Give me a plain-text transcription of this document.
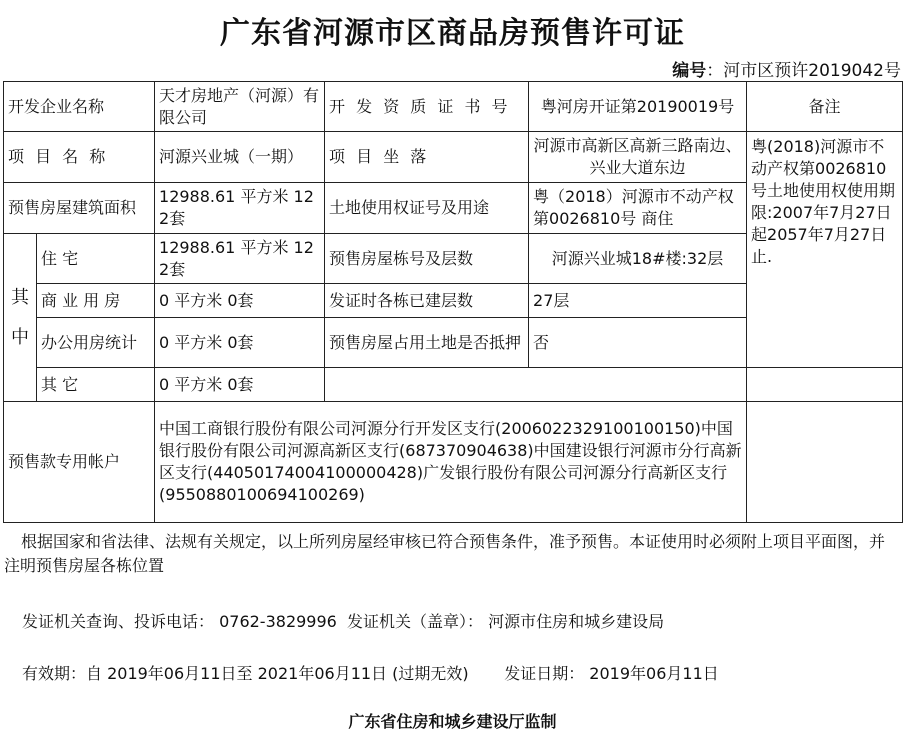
广东省河源市区商品房预售许可证
编号：河市区预许2019042号
开发企业名称		天才房地产（河源）有限公司	开 发 资 质 证 书 号	粤河房开证第20190019号	备注	
项 目 名 称		河源兴业城（一期）	项 目 坐 落	河源市高新区高新三路南边、兴业大道东边	粤(2018)河源市不动产权第0026810号土地使用权使用期限:2007年7月27日起2057年7月27日止.	
预售房屋建筑面积		12988.61 平方米 122套	土地使用权证号及用途	粤（2018）河源市不动产权第0026810号 商住		
其中	住 宅	12988.61 平方米 122套	预售房屋栋号及层数	河源兴业城18#楼:32层		
	商 业 用 房	0 平方米 0套	发证时各栋已建层数	27层		
	办公用房统计	0 平方米 0套	预售房屋占用土地是否抵押	否		
	其 它	0 平方米 0套				
预售款专用帐户		中国工商银行股份有限公司河源分行开发区支行(2006022329100100150)中国银行股份有限公司河源高新区支行(687370904638)中国建设银行河源市分行高新区支行(44050174004100000428)广发银行股份有限公司河源分行高新区支行(9550880100694100269)				
根据国家和省法律、法规有关规定，以上所列房屋经审核已符合预售条件，准予预售。本证使用时必须附上项目平面图，并注明预售房屋各栋位置
发证机关查询、投诉电话： 0762-3829996  发证机关（盖章）： 河源市住房和城乡建设局
有效期：自 2019年06月11日至 2021年06月11日 (过期无效)       发证日期： 2019年06月11日
广东省住房和城乡建设厅监制
